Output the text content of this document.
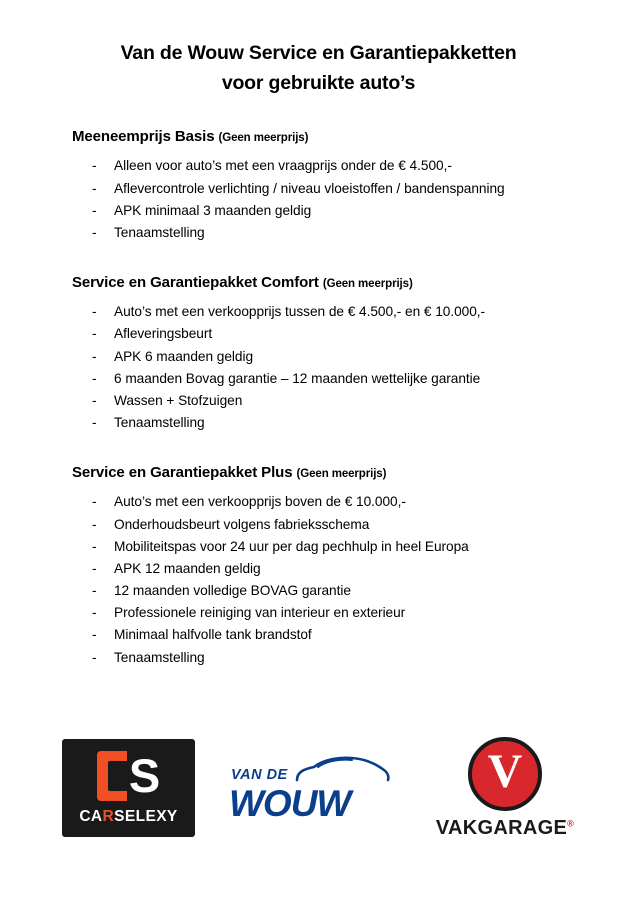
Van de Wouw Service en Garantiepakketten
voor gebruikte auto’s
Meeneemprijs Basis (Geen meerprijs)
- Alleen voor auto’s met een vraagprijs onder de € 4.500,-
- Aflevercontrole verlichting / niveau vloeistoffen / bandenspanning
- APK minimaal 3 maanden geldig
- Tenaamstelling
Service en Garantiepakket Comfort (Geen meerprijs)
- Auto’s met een verkoopprijs tussen de € 4.500,- en € 10.000,-
- Afleveringsbeurt
- APK 6 maanden geldig
- 6 maanden Bovag garantie – 12 maanden wettelijke garantie
- Wassen + Stofzuigen
- Tenaamstelling
Service en Garantiepakket Plus (Geen meerprijs)
- Auto’s met een verkoopprijs boven de € 10.000,-
- Onderhoudsbeurt volgens fabrieksschema
- Mobiliteitspas voor 24 uur per dag pechhulp in heel Europa
- APK 12 maanden geldig
- 12 maanden volledige BOVAG garantie
- Professionele reiniging van interieur en exterieur
- Minimaal halfvolle tank brandstof
- Tenaamstelling
S
CARSELEXY
VAN DE
WOUW
V
VAKGARAGE®
